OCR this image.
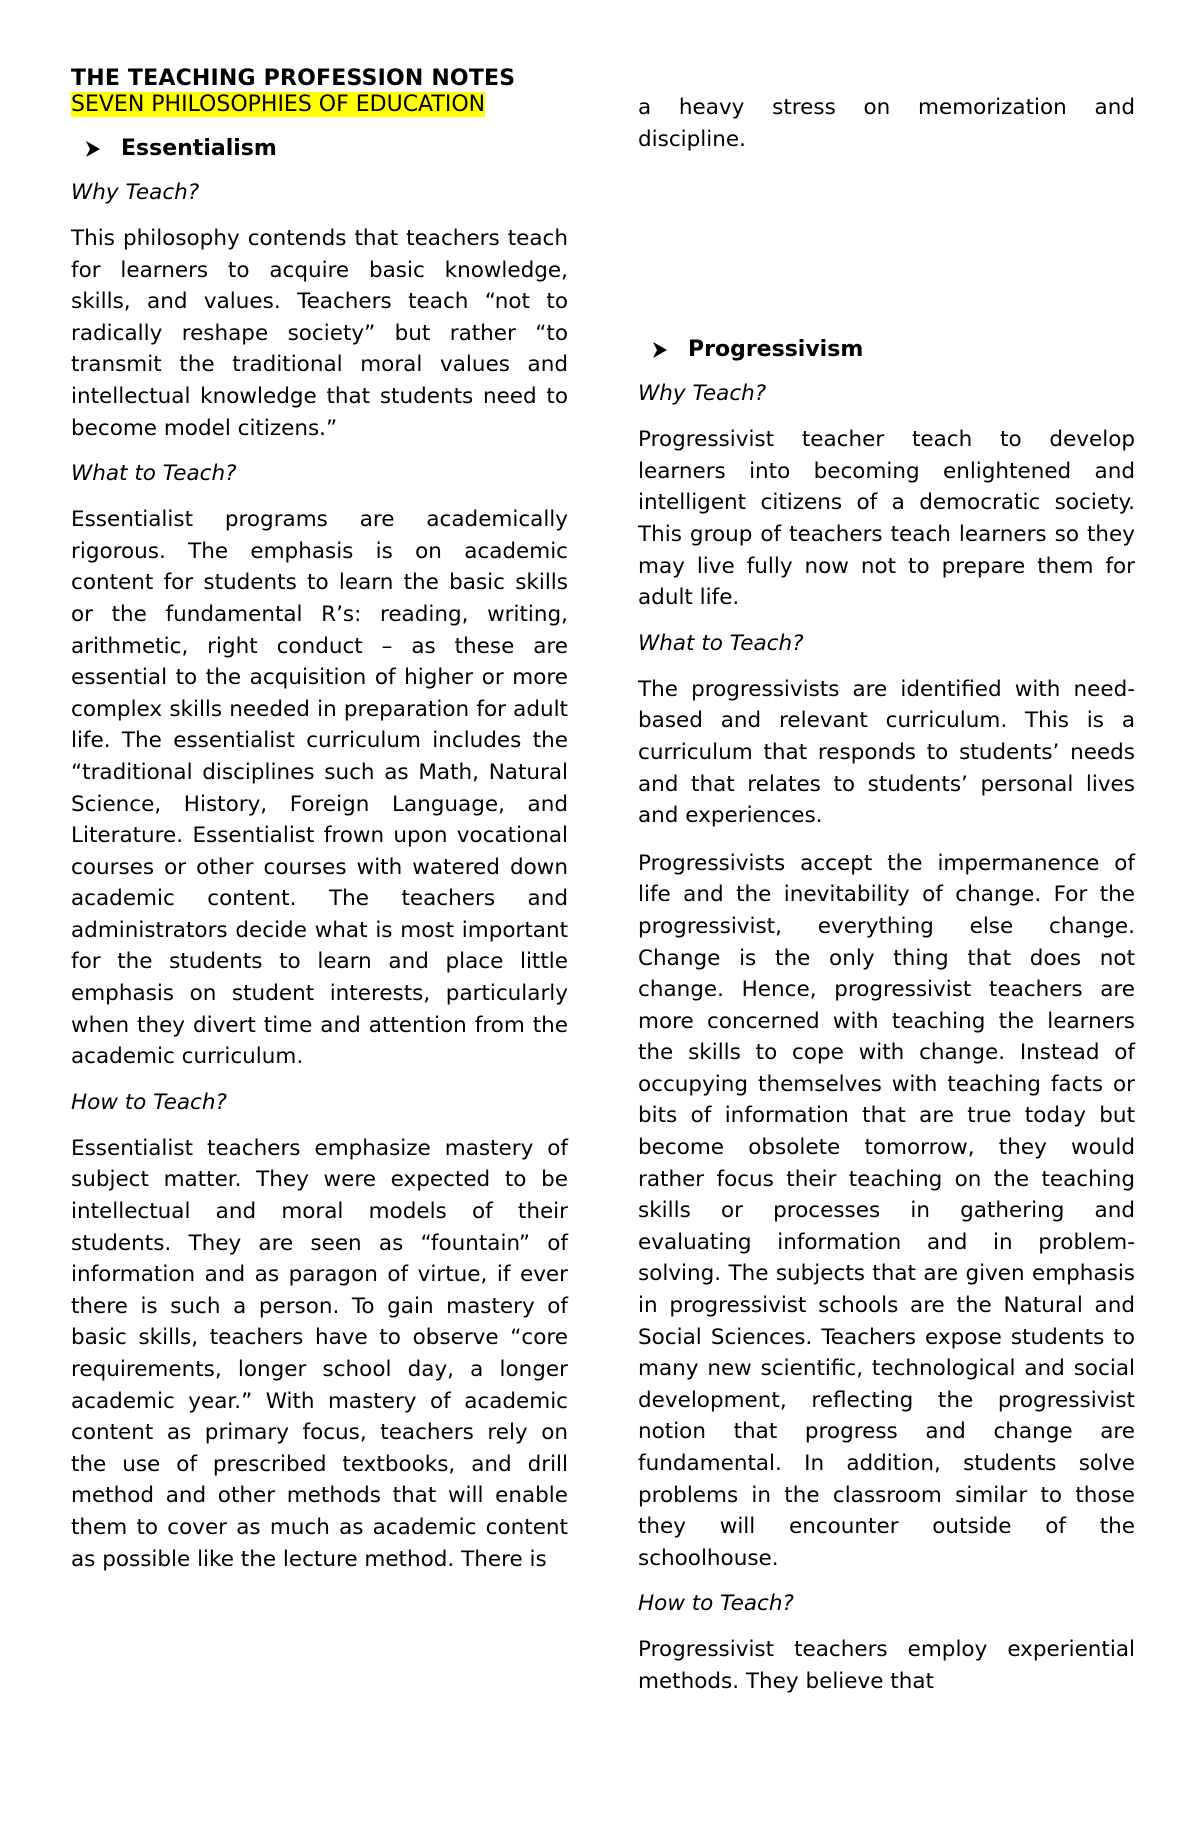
THE TEACHING PROFESSION NOTES

SEVEN PHILOSOPHIES OF EDUCATION

Essentialism

Why Teach?

This philosophy contends that teachers teach for learners to acquire basic knowledge, skills, and values. Teachers teach “not to radically reshape society” but rather “to transmit the traditional moral values and intellectual knowledge that students need to become model citizens.”

What to Teach?

Essentialist programs are academically rigorous. The emphasis is on academic content for students to learn the basic skills or the fundamental R’s: reading, writing, arithmetic, right conduct – as these are essential to the acquisition of higher or more complex skills needed in preparation for adult life. The essentialist curriculum includes the “traditional disciplines such as Math, Natural Science, History, Foreign Language, and Literature. Essentialist frown upon vocational courses or other courses with watered down academic content. The teachers and administrators decide what is most important for the students to learn and place little emphasis on student interests, particularly when they divert time and attention from the academic curriculum.

How to Teach?

Essentialist teachers emphasize mastery of subject matter. They were expected to be intellectual and moral models of their students. They are seen as “fountain” of information and as paragon of virtue, if ever there is such a person. To gain mastery of basic skills, teachers have to observe “core requirements, longer school day, a longer academic year.” With mastery of academic content as primary focus, teachers rely on the use of prescribed textbooks, and drill method and other methods that will enable them to cover as much as academic content as possible like the lecture method. There is

a heavy stress on memorization and discipline.

Progressivism

Why Teach?

Progressivist teacher teach to develop learners into becoming enlightened and intelligent citizens of a democratic society. This group of teachers teach learners so they may live fully now not to prepare them for adult life.

What to Teach?

The progressivists are identified with need-based and relevant curriculum. This is a curriculum that responds to students’ needs and that relates to students’ personal lives and experiences.

Progressivists accept the impermanence of life and the inevitability of change. For the progressivist, everything else change. Change is the only thing that does not change. Hence, progressivist teachers are more concerned with teaching the learners the skills to cope with change. Instead of occupying themselves with teaching facts or bits of information that are true today but become obsolete tomorrow, they would rather focus their teaching on the teaching skills or processes in gathering and evaluating information and in problem-solving. The subjects that are given emphasis in progressivist schools are the Natural and Social Sciences. Teachers expose students to many new scientific, technological and social development, reflecting the progressivist notion that progress and change are fundamental. In addition, students solve problems in the classroom similar to those they will encounter outside of the schoolhouse.

How to Teach?

Progressivist teachers employ experiential methods. They believe that
